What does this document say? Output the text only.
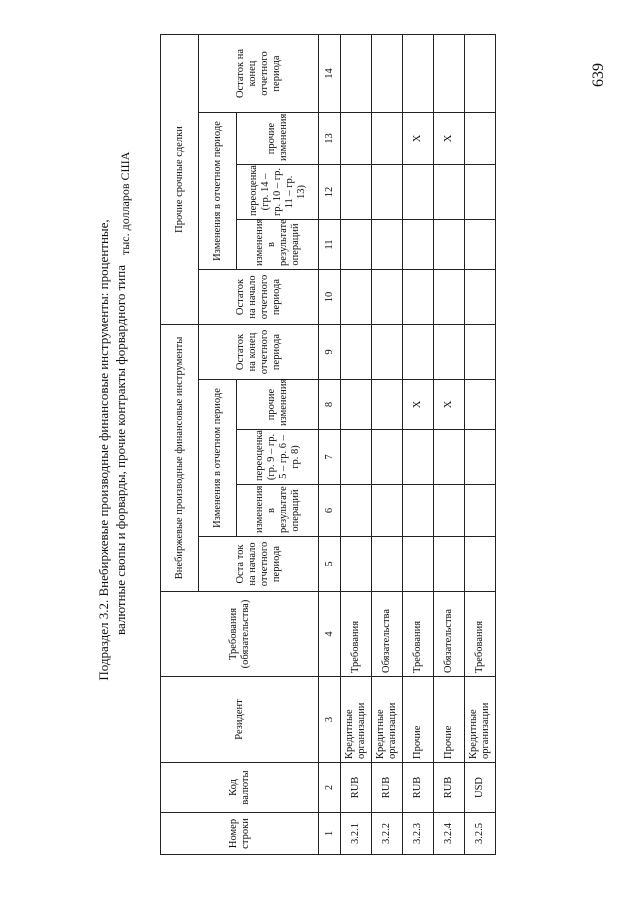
639
Подраздел 3.2. Внебиржевые производные финансовые инструменты: процентные, валютные свопы и форварды, прочие контракты форвардного типа
тыс. долларов США
Номер строки	Код валюты	Резидент	Требования (обязательства)	Внебиржевые производные финансовые инструменты					Прочие срочные сделки				
				Оста ток на начало отчетного периода	Изменения в отчетном периоде			Остаток на конец отчетного периода	Остаток на начало отчетного периода	Изменения в отчетном периоде			Остаток на конец отчетного периода
					изменения в результате операций	переоценка (гр. 9 – гр. 5 – гр. 6 – гр. 8)	прочие изменения			изменения в результате операций	переоценка (гр. 14 – гр. 10 – гр. 11 – гр. 13)	прочие изменения	
1	2	3	4	5	6	7	8	9	10	11	12	13	14
3.2.1	RUB	Кредитные организации	Требования										
3.2.2	RUB	Кредитные организации	Обязательства										
3.2.3	RUB	Прочие	Требования				X					X	
3.2.4	RUB	Прочие	Обязательства				X					X	
3.2.5	USD	Кредитные организации	Требования										
